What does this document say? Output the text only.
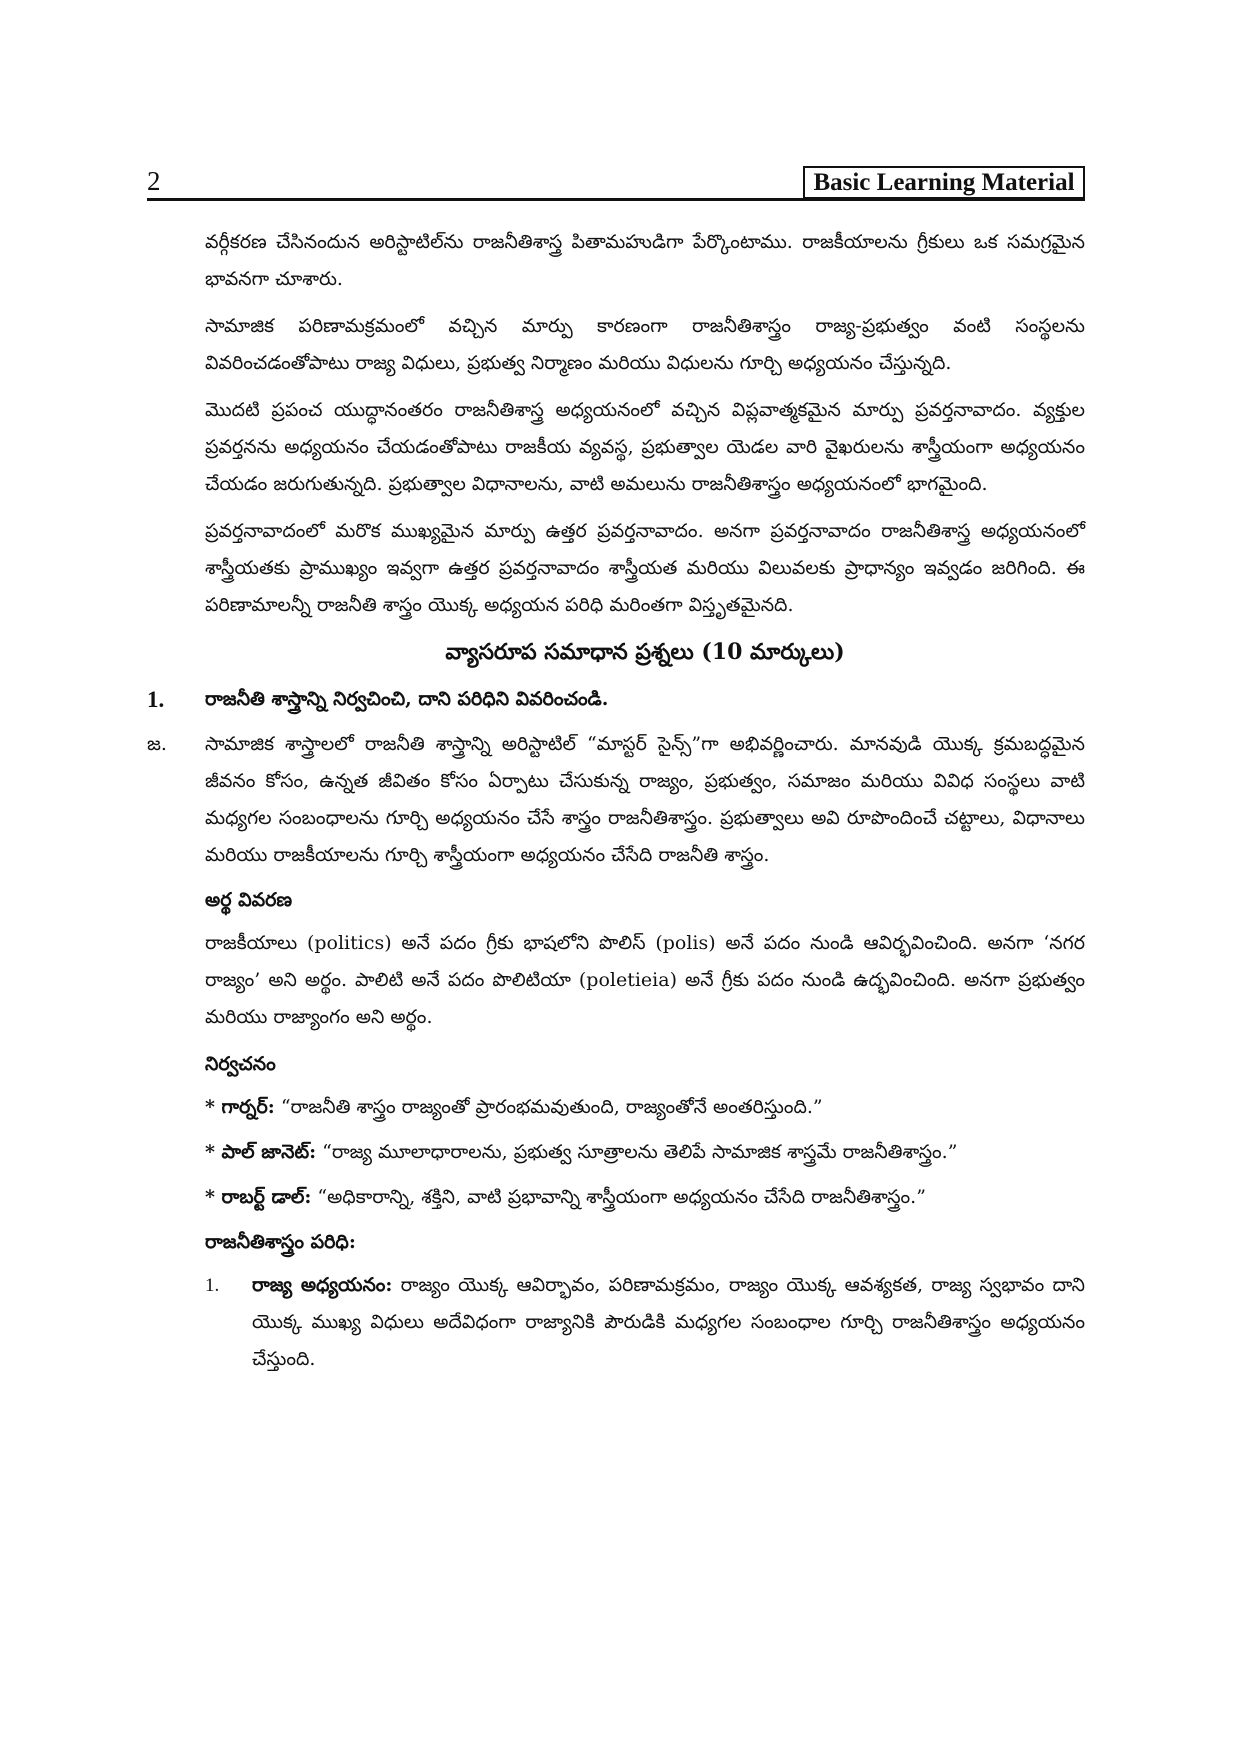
2	Basic Learning Material

వర్గీకరణ చేసినందున అరిస్టాటిల్‌ను రాజనీతిశాస్త్ర పితామహుడిగా పేర్కొంటాము. రాజకీయాలను గ్రీకులు ఒక సమగ్రమైన భావనగా చూశారు.

సామాజిక పరిణామక్రమంలో వచ్చిన మార్పు కారణంగా రాజనీతిశాస్త్రం రాజ్య-ప్రభుత్వం వంటి సంస్థలను వివరించడంతోపాటు రాజ్య విధులు, ప్రభుత్వ నిర్మాణం మరియు విధులను గూర్చి అధ్యయనం చేస్తున్నది.

మొదటి ప్రపంచ యుద్ధానంతరం రాజనీతిశాస్త్ర అధ్యయనంలో వచ్చిన విప్లవాత్మకమైన మార్పు ప్రవర్తనావాదం. వ్యక్తుల ప్రవర్తనను అధ్యయనం చేయడంతోపాటు రాజకీయ వ్యవస్థ, ప్రభుత్వాల యెడల వారి వైఖరులను శాస్త్రీయంగా అధ్యయనం చేయడం జరుగుతున్నది. ప్రభుత్వాల విధానాలను, వాటి అమలును రాజనీతిశాస్త్రం అధ్యయనంలో భాగమైంది.

ప్రవర్తనావాదంలో మరొక ముఖ్యమైన మార్పు ఉత్తర ప్రవర్తనావాదం. అనగా ప్రవర్తనావాదం రాజనీతిశాస్త్ర అధ్యయనంలో శాస్త్రీయతకు ప్రాముఖ్యం ఇవ్వగా ఉత్తర ప్రవర్తనావాదం శాస్త్రీయత మరియు విలువలకు ప్రాధాన్యం ఇవ్వడం జరిగింది. ఈ పరిణామాలన్నీ రాజనీతి శాస్త్రం యొక్క అధ్యయన పరిధి మరింతగా విస్తృతమైనది.

వ్యాసరూప సమాధాన ప్రశ్నలు (10 మార్కులు)
1. రాజనీతి శాస్త్రాన్ని నిర్వచించి, దాని పరిధిని వివరించండి.
జ. సామాజిక శాస్త్రాలలో రాజనీతి శాస్త్రాన్ని అరిస్టాటిల్ “మాస్టర్ సైన్స్”గా అభివర్ణించారు. మానవుడి యొక్క క్రమబద్ధమైన జీవనం కోసం, ఉన్నత జీవితం కోసం ఏర్పాటు చేసుకున్న రాజ్యం, ప్రభుత్వం, సమాజం మరియు వివిధ సంస్థలు వాటి మధ్యగల సంబంధాలను గూర్చి అధ్యయనం చేసే శాస్త్రం రాజనీతిశాస్త్రం. ప్రభుత్వాలు అవి రూపొందించే చట్టాలు, విధానాలు మరియు రాజకీయాలను గూర్చి శాస్త్రీయంగా అధ్యయనం చేసేది రాజనీతి శాస్త్రం.
అర్థ వివరణ

రాజకీయాలు (politics) అనే పదం గ్రీకు భాషలోని పొలిస్ (polis) అనే పదం నుండి ఆవిర్భవించింది. అనగా ‘నగర రాజ్యం’ అని అర్థం. పాలిటి అనే పదం పొలిటియా (poletieia) అనే గ్రీకు పదం నుండి ఉద్భవించింది. అనగా ప్రభుత్వం మరియు రాజ్యాంగం అని అర్థం.

నిర్వచనం
* గార్నర్: “రాజనీతి శాస్త్రం రాజ్యంతో ప్రారంభమవుతుంది, రాజ్యంతోనే అంతరిస్తుంది.”
* పాల్ జానెట్: “రాజ్య మూలాధారాలను, ప్రభుత్వ సూత్రాలను తెలిపే సామాజిక శాస్త్రమే రాజనీతిశాస్త్రం.”
* రాబర్ట్ డాల్: “అధికారాన్ని, శక్తిని, వాటి ప్రభావాన్ని శాస్త్రీయంగా అధ్యయనం చేసేది రాజనీతిశాస్త్రం.”
రాజనీతిశాస్త్రం పరిధి:
1. రాజ్య అధ్యయనం: రాజ్యం యొక్క ఆవిర్భావం, పరిణామక్రమం, రాజ్యం యొక్క ఆవశ్యకత, రాజ్య స్వభావం దాని యొక్క ముఖ్య విధులు అదేవిధంగా రాజ్యానికి పౌరుడికి మధ్యగల సంబంధాల గూర్చి రాజనీతిశాస్త్రం అధ్యయనం చేస్తుంది.
